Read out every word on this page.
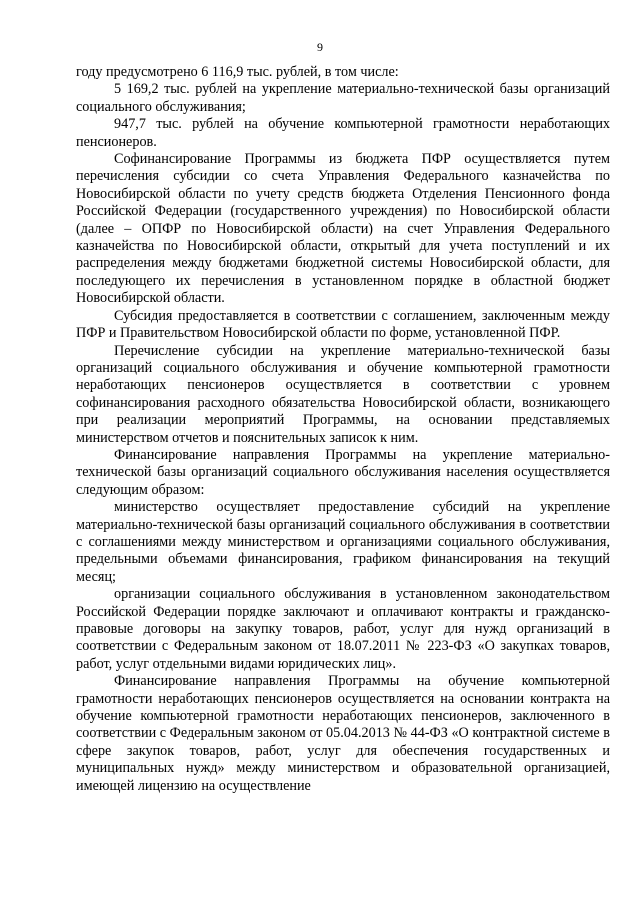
9

году предусмотрено 6 116,9 тыс. рублей, в том числе:

5 169,2 тыс. рублей на укрепление материально-технической базы организаций социального обслуживания;

947,7 тыс. рублей на обучение компьютерной грамотности неработающих пенсионеров.

Софинансирование Программы из бюджета ПФР осуществляется путем перечисления субсидии со счета Управления Федерального казначейства по Новосибирской области по учету средств бюджета Отделения Пенсионного фонда Российской Федерации (государственного учреждения) по Новосибирской области (далее – ОПФР по Новосибирской области) на счет Управления Федерального казначейства по Новосибирской области, открытый для учета поступлений и их распределения между бюджетами бюджетной системы Новосибирской области, для последующего их перечисления в установленном порядке в областной бюджет Новосибирской области.

Субсидия предоставляется в соответствии с соглашением, заключенным между ПФР и Правительством Новосибирской области по форме, установленной ПФР.

Перечисление субсидии на укрепление материально-технической базы организаций социального обслуживания и обучение компьютерной грамотности неработающих пенсионеров осуществляется в соответствии с уровнем софинансирования расходного обязательства Новосибирской области, возникающего при реализации мероприятий Программы, на основании представляемых министерством отчетов и пояснительных записок к ним.

Финансирование направления Программы на укрепление материально-технической базы организаций социального обслуживания населения осуществляется следующим образом:

министерство осуществляет предоставление субсидий на укрепление материально-технической базы организаций социального обслуживания в соответствии с соглашениями между министерством и организациями социального обслуживания, предельными объемами финансирования, графиком финансирования на текущий месяц;

организации социального обслуживания в установленном законодательством Российской Федерации порядке заключают и оплачивают контракты и гражданско-правовые договоры на закупку товаров, работ, услуг для нужд организаций в соответствии с Федеральным законом от 18.07.2011 № 223-ФЗ «О закупках товаров, работ, услуг отдельными видами юридических лиц».

Финансирование направления Программы на обучение компьютерной грамотности неработающих пенсионеров осуществляется на основании контракта на обучение компьютерной грамотности неработающих пенсионеров, заключенного в соответствии с Федеральным законом от 05.04.2013 № 44-ФЗ «О контрактной системе в сфере закупок товаров, работ, услуг для обеспечения государственных и муниципальных нужд» между министерством и образовательной организацией, имеющей лицензию на осуществление
